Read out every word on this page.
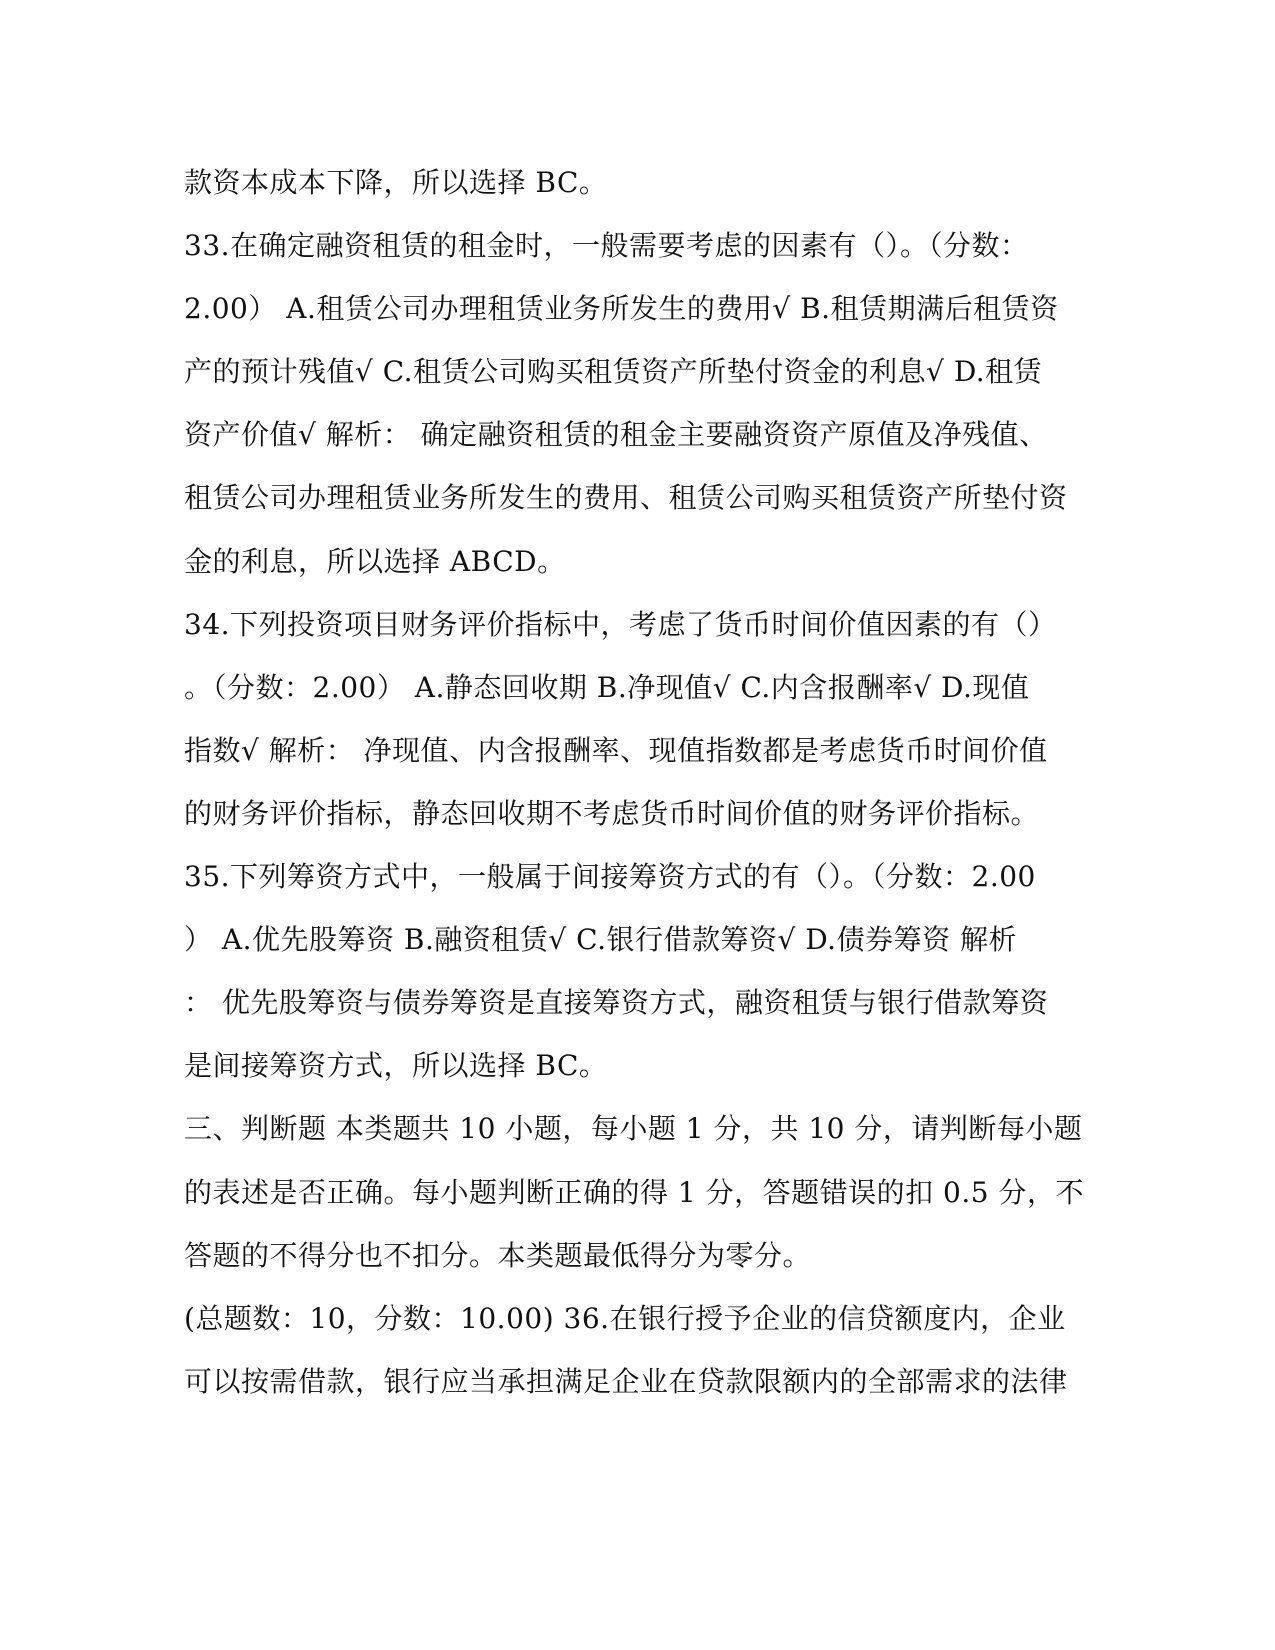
款资本成本下降，所以选择 BC。
33.在确定融资租赁的租金时，一般需要考虑的因素有（）。（分数：
2.00） A.租赁公司办理租赁业务所发生的费用√ B.租赁期满后租赁资
产的预计残值√ C.租赁公司购买租赁资产所垫付资金的利息√ D.租赁
资产价值√ 解析： 确定融资租赁的租金主要融资资产原值及净残值、
租赁公司办理租赁业务所发生的费用、租赁公司购买租赁资产所垫付资
金的利息，所以选择 ABCD。
34.下列投资项目财务评价指标中，考虑了货币时间价值因素的有（）
。（分数：2.00） A.静态回收期 B.净现值√ C.内含报酬率√ D.现值
指数√ 解析： 净现值、内含报酬率、现值指数都是考虑货币时间价值
的财务评价指标，静态回收期不考虑货币时间价值的财务评价指标。
35.下列筹资方式中，一般属于间接筹资方式的有（）。（分数：2.00
） A.优先股筹资 B.融资租赁√ C.银行借款筹资√ D.债券筹资 解析
： 优先股筹资与债券筹资是直接筹资方式，融资租赁与银行借款筹资
是间接筹资方式，所以选择 BC。
三、判断题 本类题共 10 小题，每小题 1 分，共 10 分，请判断每小题
的表述是否正确。每小题判断正确的得 1 分，答题错误的扣 0.5 分，不
答题的不得分也不扣分。本类题最低得分为零分。
(总题数：10，分数：10.00) 36.在银行授予企业的信贷额度内，企业
可以按需借款，银行应当承担满足企业在贷款限额内的全部需求的法律
